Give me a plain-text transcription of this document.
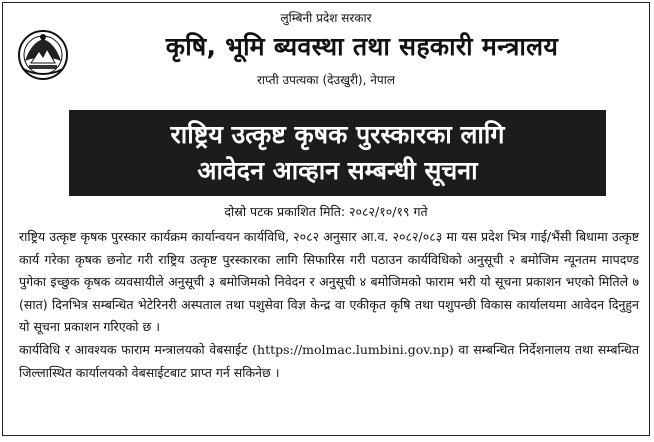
लुम्बिनी प्रदेश सरकार
कृषि, भूमि ब्यवस्था तथा सहकारी मन्त्रालय
राप्ती उपत्यका (देउखुरी), नेपाल
राष्ट्रिय उत्कृष्ट कृषक पुरस्कारका लागि
आवेदन आव्हान सम्बन्धी सूचना
दोस्रो पटक प्रकाशित मिति: २०८२/१०/१९ गते

राष्ट्रिय उत्कृष्ट कृषक पुरस्कार कार्यक्रम कार्यान्वयन कार्यविधि, २०८२ अनुसार आ.व. २०८२/०८३ मा यस प्रदेश भित्र गाई/भैंसी बिधामा उत्कृष्ट कार्य गरेका कृषक छनोट गरी राष्ट्रिय उत्कृष्ट पुरस्कारका लागि सिफारिस गरी पठाउन कार्यविधिको अनुसूची २ बमोजिम न्यूनतम मापदण्ड पुगेका इच्छुक कृषक व्यवसायीले अनुसूची ३ बमोजिमको निवेदन र अनुसूची ४ बमोजिमको फाराम भरी यो सूचना प्रकाशन भएको मितिले ७ (सात) दिनभित्र सम्बन्धित भेटेरिनरी अस्पताल तथा पशुसेवा विज्ञ केन्द्र वा एकीकृत कृषि तथा पशुपन्छी विकास कार्यालयमा आवेदन दिनुहुन यो सूचना प्रकाशन गरिएको छ ।

कार्यविधि र आवश्यक फाराम मन्त्रालयको वेबसाईट (https://molmac.lumbini.gov.np) वा सम्बन्धित निर्देशनालय तथा सम्बन्धित जिल्लास्थित कार्यालयको वेबसाईटबाट प्राप्त गर्न सकिनेछ ।
